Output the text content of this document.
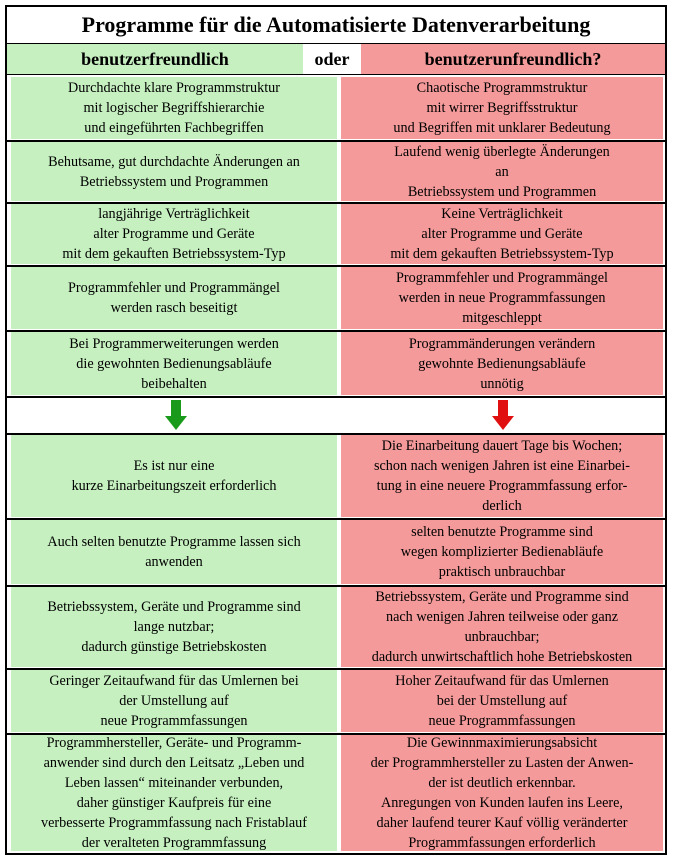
Programme für die Automatisierte Datenverarbeitung
benutzerfreundlich	oder	benutzerunfreundlich?
Durchdachte klare Programmstruktur
mit logischer Begriffshierarchie
und eingeführten Fachbegriffen
Chaotische Programmstruktur
mit wirrer Begriffsstruktur
und Begriffen mit unklarer Bedeutung
Behutsame, gut durchdachte Änderungen an
Betriebssystem und Programmen
Laufend wenig überlegte Änderungen
an
Betriebssystem und Programmen
langjährige Verträglichkeit
alter Programme und Geräte
mit dem gekauften Betriebssystem-Typ
Keine Verträglichkeit
alter Programme und Geräte
mit dem gekauften Betriebssystem-Typ
Programmfehler und Programmängel
werden rasch beseitigt
Programmfehler und Programmängel
werden in neue Programmfassungen
mitgeschleppt
Bei Programmerweiterungen werden
die gewohnten Bedienungsabläufe
beibehalten
Programmänderungen verändern
gewohnte Bedienungsabläufe
unnötig
Es ist nur eine
kurze Einarbeitungszeit erforderlich
Die Einarbeitung dauert Tage bis Wochen;
schon nach wenigen Jahren ist eine Einarbei-
tung in eine neuere Programmfassung erfor-
derlich
Auch selten benutzte Programme lassen sich
anwenden
selten benutzte Programme sind
wegen komplizierter Bedienabläufe
praktisch unbrauchbar
Betriebssystem, Geräte und Programme sind
lange nutzbar;
dadurch günstige Betriebskosten
Betriebssystem, Geräte und Programme sind
nach wenigen Jahren teilweise oder ganz
unbrauchbar;
dadurch unwirtschaftlich hohe Betriebskosten
Geringer Zeitaufwand für das Umlernen bei
der Umstellung auf
neue Programmfassungen
Hoher Zeitaufwand für das Umlernen
bei der Umstellung auf
neue Programmfassungen
Programmhersteller, Geräte- und Programm-
anwender sind durch den Leitsatz „Leben und
Leben lassen“ miteinander verbunden,
daher günstiger Kaufpreis für eine
verbesserte Programmfassung nach Fristablauf
der veralteten Programmfassung
Die Gewinnmaximierungsabsicht
der Programmhersteller zu Lasten der Anwen-
der ist deutlich erkennbar.
Anregungen von Kunden laufen ins Leere,
daher laufend teurer Kauf völlig veränderter
Programmfassungen erforderlich
